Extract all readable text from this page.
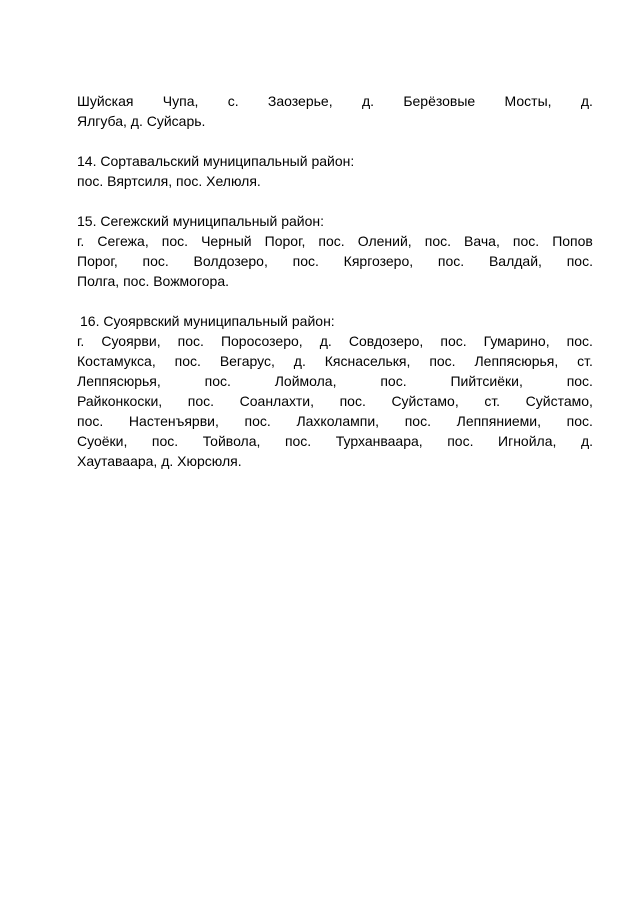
Шуйская Чупа, с. Заозерье, д. Берёзовые Мосты, д.
Ялгуба, д. Суйсарь.
14. Сортавальский муниципальный район:
пос. Вяртсиля, пос. Хелюля.
15. Сегежский муниципальный район:
г. Сегежа, пос. Черный Порог, пос. Олений, пос. Вача, пос. Попов
Порог, пос. Волдозеро, пос. Кяргозеро, пос. Валдай, пос.
Полга, пос. Вожмогора.
16. Суоярвский муниципальный район:
г. Суоярви, пос. Поросозеро, д. Совдозеро, пос. Гумарино, пос.
Костамукса, пос. Вегарус, д. Кяснаселькя, пос. Леппясюрья, ст.
Леппясюрья,	пос.	Лоймола,	пос.	Пийтсиёки,	пос.
Райконкоски, пос. Соанлахти, пос. Суйстамо, ст. Суйстамо,
пос. Настенъярви, пос. Лахколампи, пос. Леппяниеми, пос.
Суоёки, пос. Тойвола, пос. Турханваара, пос. Игнойла, д.
Хаутаваара, д. Хюрсюля.
